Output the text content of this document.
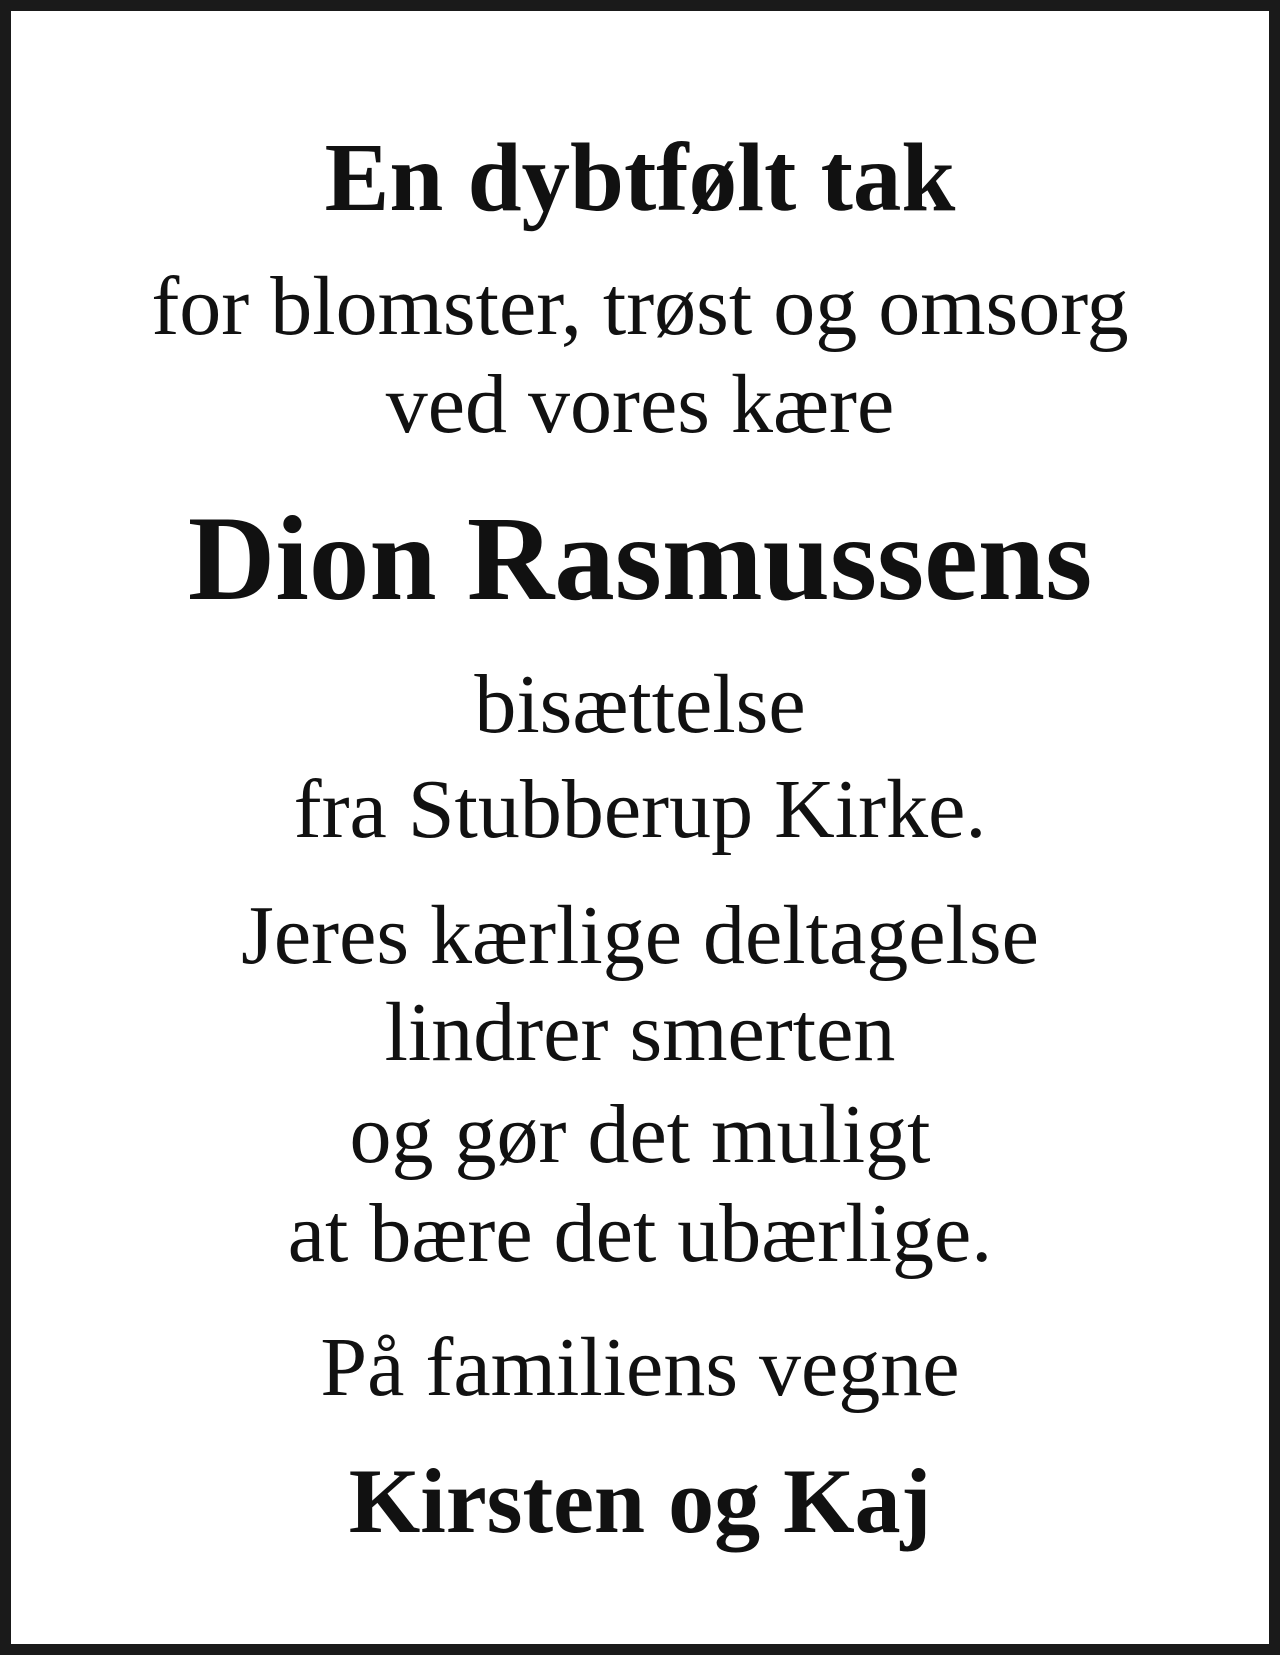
En dybtfølt tak

for blomster, trøst og omsorg

ved vores kære

Dion Rasmussens

bisættelse

fra Stubberup Kirke.

Jeres kærlige deltagelse

lindrer smerten

og gør det muligt

at bære det ubærlige.

På familiens vegne

Kirsten og Kaj
